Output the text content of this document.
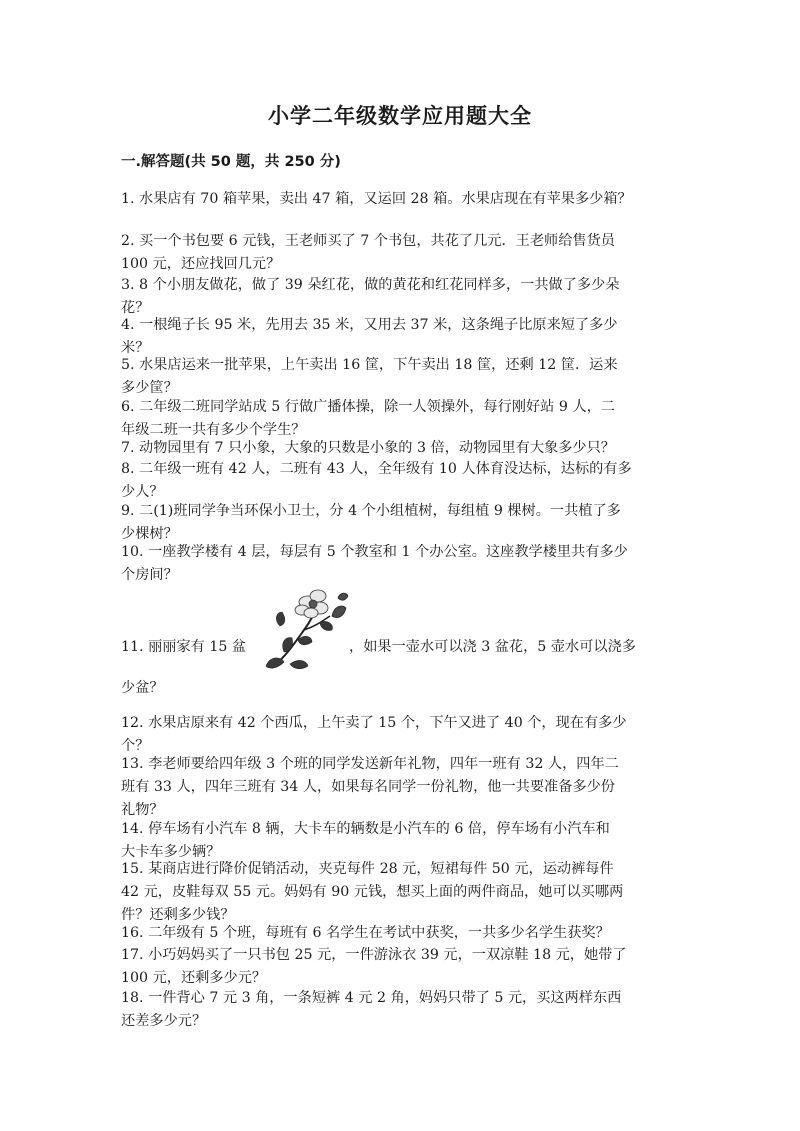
小学二年级数学应用题大全
一.解答题(共 50 题，共 250 分)
1. 水果店有 70 箱苹果，卖出 47 箱，又运回 28 箱。水果店现在有苹果多少箱？
2. 买一个书包要 6 元钱，王老师买了 7 个书包，共花了几元．王老师给售货员
100 元，还应找回几元？
3. 8 个小朋友做花，做了 39 朵红花，做的黄花和红花同样多，一共做了多少朵
花？
4. 一根绳子长 95 米，先用去 35 米，又用去 37 米，这条绳子比原来短了多少
米？
5. 水果店运来一批苹果，上午卖出 16 筐，下午卖出 18 筐，还剩 12 筐．运来
多少筐？
6. 二年级二班同学站成 5 行做广播体操，除一人领操外，每行刚好站 9 人，二
年级二班一共有多少个学生？
7. 动物园里有 7 只小象，大象的只数是小象的 3 倍，动物园里有大象多少只？
8. 二年级一班有 42 人，二班有 43 人，全年级有 10 人体育没达标，达标的有多
少人？
9. 二(1)班同学争当环保小卫士，分 4 个小组植树，每组植 9 棵树。一共植了多
少棵树？
10. 一座教学楼有 4 层，每层有 5 个教室和 1 个办公室。这座教学楼里共有多少
个房间？
11. 丽丽家有 15 盆	，如果一壶水可以浇 3 盆花，5 壶水可以浇多
少盆？
12. 水果店原来有 42 个西瓜，上午卖了 15 个，下午又进了 40 个，现在有多少
个？
13. 李老师要给四年级 3 个班的同学发送新年礼物，四年一班有 32 人，四年二
班有 33 人，四年三班有 34 人，如果每名同学一份礼物，他一共要准备多少份
礼物？
14. 停车场有小汽车 8 辆，大卡车的辆数是小汽车的 6 倍，停车场有小汽车和
大卡车多少辆？
15. 某商店进行降价促销活动，夹克每件 28 元，短裙每件 50 元，运动裤每件
42 元，皮鞋每双 55 元。妈妈有 90 元钱，想买上面的两件商品，她可以买哪两
件？还剩多少钱？
16. 二年级有 5 个班，每班有 6 名学生在考试中获奖，一共多少名学生获奖？
17. 小巧妈妈买了一只书包 25 元，一件游泳衣 39 元，一双凉鞋 18 元，她带了
100 元，还剩多少元？
18. 一件背心 7 元 3 角，一条短裤 4 元 2 角，妈妈只带了 5 元，买这两样东西
还差多少元？
